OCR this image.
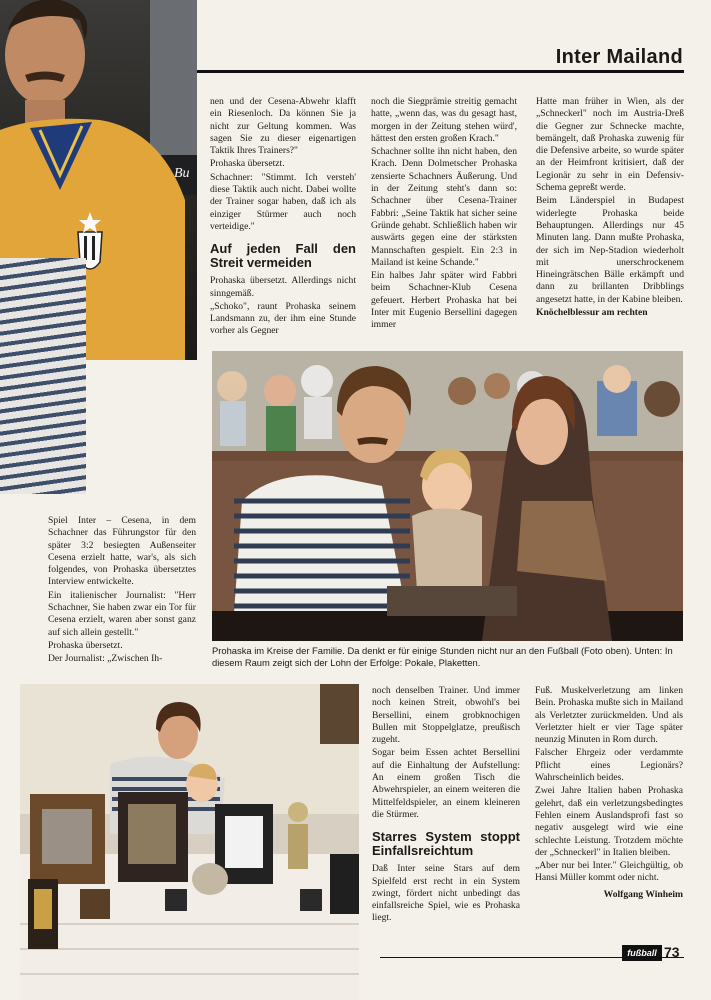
Inter Mailand
Bu

nen und der Cesena-Abwehr klafft ein Riesenloch. Da können Sie ja nicht zur Geltung kommen. Was sagen Sie zu dieser eigenartigen Taktik Ihres Trainers?"

Prohaska übersetzt.

Schachner: "Stimmt. Ich versteh' diese Taktik auch nicht. Dabei wollte der Trainer sogar haben, daß ich als einziger Stürmer auch noch verteidige."

Auf jeden Fall den Streit vermeiden

Prohaska übersetzt. Allerdings nicht sinngemäß.

„Schoko", raunt Prohaska seinem Landsmann zu, der ihm eine Stunde vorher als Gegner

noch die Siegprämie streitig gemacht hatte, „wenn das, was du gesagt hast, morgen in der Zeitung stehen würd', hättest den ersten großen Krach."

Schachner sollte ihn nicht haben, den Krach. Denn Dolmetscher Prohaska zensierte Schachners Äußerung. Und in der Zeitung steht's dann so: Schachner über Cesena-Trainer Fabbri: „Seine Taktik hat sicher seine Gründe gehabt. Schließlich haben wir auswärts gegen eine der stärksten Mannschaften gespielt. Ein 2:3 in Mailand ist keine Schande."

Ein halbes Jahr später wird Fabbri beim Schachner-Klub Cesena gefeuert. Herbert Prohaska hat bei Inter mit Eugenio Bersellini dagegen immer

Hatte man früher in Wien, als der „Schneckerl" noch im Austria-Dreß die Gegner zur Schnecke machte, bemängelt, daß Prohaska zuwenig für die Defensive arbeite, so wurde später an der Heimfront kritisiert, daß der Legionär zu sehr in ein Defensiv-Schema gepreßt werde.

Beim Länderspiel in Budapest widerlegte Prohaska beide Behauptungen. Allerdings nur 45 Minuten lang. Dann mußte Prohaska, der sich im Nep-Stadion wiederholt mit unerschrockenem Hineingrätschen Bälle erkämpft und dann zu brillanten Dribblings angesetzt hatte, in der Kabine bleiben.

Knöchelblessur am rechten

Spiel Inter – Cesena, in dem Schachner das Führungstor für den später 3:2 besiegten Außenseiter Cesena erzielt hatte, war's, als sich folgendes, von Prohaska übersetztes Interview entwickelte.

Ein italienischer Journalist: "Herr Schachner, Sie haben zwar ein Tor für Cesena erzielt, waren aber sonst ganz auf sich allein gestellt."

Prohaska übersetzt.

Der Journalist: „Zwischen Ih-

Prohaska im Kreise der Familie. Da denkt er für einige Stunden nicht nur an den Fußball (Foto oben). Unten: In diesem Raum zeigt sich der Lohn der Erfolge: Pokale, Plaketten.

noch denselben Trainer. Und immer noch keinen Streit, obwohl's bei Bersellini, einem grobknochigen Bullen mit Stoppelglatze, preußisch zugeht.

Sogar beim Essen achtet Bersellini auf die Einhaltung der Aufstellung: An einem großen Tisch die Abwehrspieler, an einem weiteren die Mittelfeldspieler, an einem kleineren die Stürmer.

Starres System stoppt Einfallsreichtum

Daß Inter seine Stars auf dem Spielfeld erst recht in ein System zwingt, fördert nicht unbedingt das einfallsreiche Spiel, wie es Prohaska liegt.

Fuß. Muskelverletzung am linken Bein. Prohaska mußte sich in Mailand als Verletzter zurückmelden. Und als Verletzter hielt er vier Tage später neunzig Minuten in Rom durch.

Falscher Ehrgeiz oder verdammte Pflicht eines Legionärs? Wahrscheinlich beides.

Zwei Jahre Italien haben Prohaska gelehrt, daß ein verletzungsbedingtes Fehlen einem Auslandsprofi fast so negativ ausgelegt wird wie eine schlechte Leistung. Trotzdem möchte der „Schneckerl" in Italien bleiben.

„Aber nur bei Inter." Gleichgültig, ob Hansi Müller kommt oder nicht.

Wolfgang Winheim

fußball 73
